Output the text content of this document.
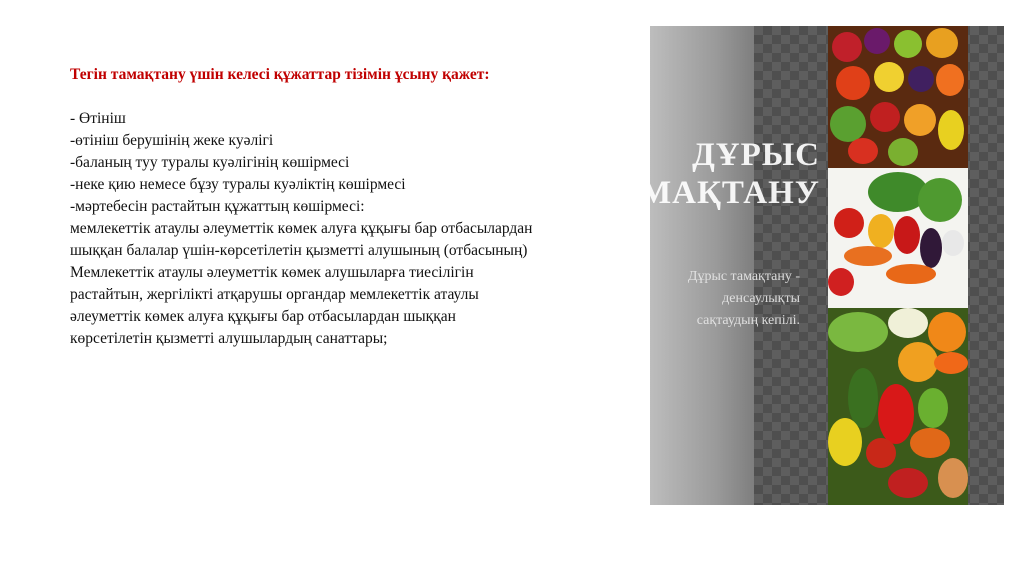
Тегін тамақтану үшін келесі құжаттар тізімін ұсыну қажет:
- Өтініш
-өтініш берушінің жеке куәлігі
-баланың туу туралы куәлігінің көшірмесі
-неке қию немесе бұзу туралы куәліктің көшірмесі
-мәртебесін растайтын құжаттың көшірмесі:
мемлекеттік атаулы әлеуметтік көмек алуға құқығы бар отбасылардан
шыққан балалар үшін-көрсетілетін қызметті алушының (отбасының)
Мемлекеттік атаулы әлеуметтік көмек алушыларға тиесілігін
растайтын, жергілікті атқарушы органдар мемлекеттік атаулы
әлеуметтік көмек алуға құқығы бар отбасылардан шыққан
көрсетілетін қызметті алушылардың санаттары;
ДҰРЫС
ТАМАҚТАНУ
Дұрыс тамақтану -
денсаулықты
сақтаудың кепілі.
